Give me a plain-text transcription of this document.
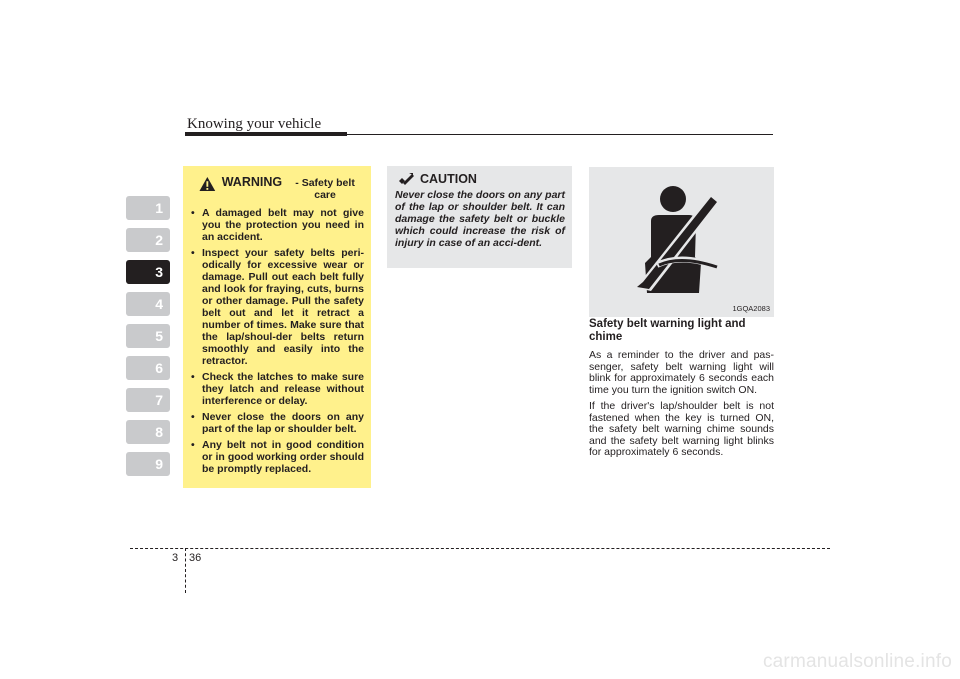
Knowing your vehicle
1
2
3
4
5
6
7
8
9
WARNING	- Safety belt care
• A damaged belt may not give you the protection you need in an accident.
• Inspect your safety belts peri-odically for excessive wear or damage. Pull out each belt fully and look for fraying, cuts, burns or other damage. Pull the safety belt out and let it retract a number of times. Make sure that the lap/shoul-der belts return smoothly and easily into the retractor.
• Check the latches to make sure they latch and release without interference or delay.
• Never close the doors on any part of the lap or shoulder belt.
• Any belt not in good condition or in good working order should be promptly replaced.
CAUTION
Never close the doors on any part of the lap or shoulder belt. It can damage the safety belt or buckle which could increase the risk of injury in case of an acci-dent.
1GQA2083
Safety belt warning light and chime

As a reminder to the driver and pas-senger, safety belt warning light will blink for approximately 6 seconds each time you turn the ignition switch ON.

If the driver's lap/shoulder belt is not fastened when the key is turned ON, the safety belt warning chime sounds and the safety belt warning light blinks for approximately 6 seconds.

3 36
carmanualsonline.info
